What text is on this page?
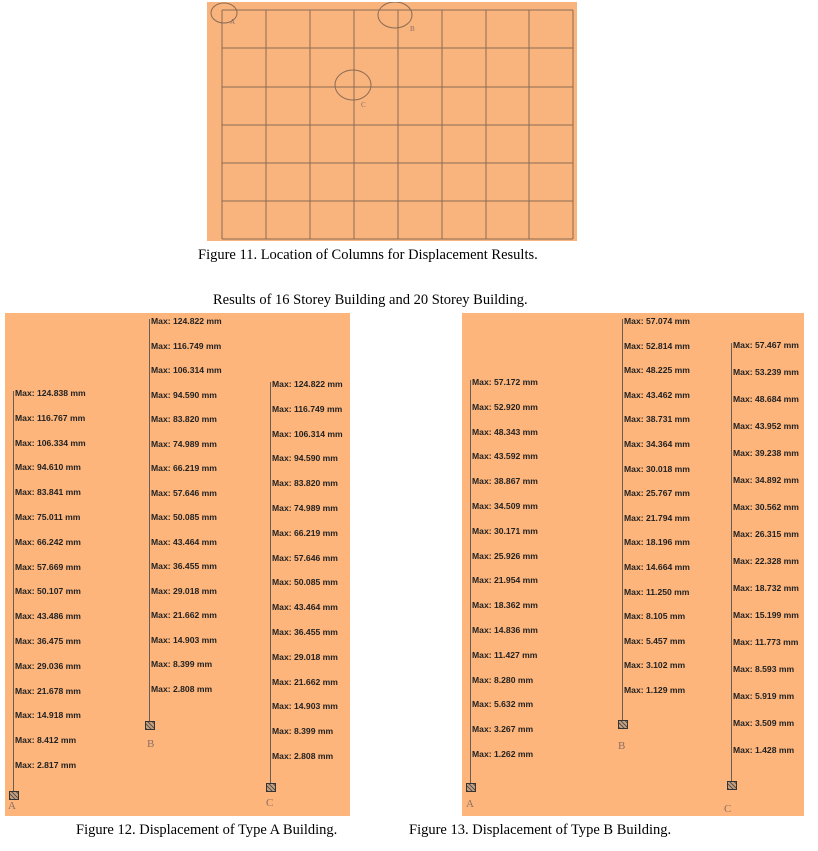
A
B
C
Figure 11. Location of Columns for Displacement Results.
Results of 16 Storey Building and 20 Storey Building.
Max: 124.838 mm
Max: 116.767 mm
Max: 106.334 mm
Max: 94.610 mm
Max: 83.841 mm
Max: 75.011 mm
Max: 66.242 mm
Max: 57.669 mm
Max: 50.107 mm
Max: 43.486 mm
Max: 36.475 mm
Max: 29.036 mm
Max: 21.678 mm
Max: 14.918 mm
Max: 8.412 mm
Max: 2.817 mm
A
Max: 124.822 mm
Max: 116.749 mm
Max: 106.314 mm
Max: 94.590 mm
Max: 83.820 mm
Max: 74.989 mm
Max: 66.219 mm
Max: 57.646 mm
Max: 50.085 mm
Max: 43.464 mm
Max: 36.455 mm
Max: 29.018 mm
Max: 21.662 mm
Max: 14.903 mm
Max: 8.399 mm
Max: 2.808 mm
B
Max: 124.822 mm
Max: 116.749 mm
Max: 106.314 mm
Max: 94.590 mm
Max: 83.820 mm
Max: 74.989 mm
Max: 66.219 mm
Max: 57.646 mm
Max: 50.085 mm
Max: 43.464 mm
Max: 36.455 mm
Max: 29.018 mm
Max: 21.662 mm
Max: 14.903 mm
Max: 8.399 mm
Max: 2.808 mm
C
Max: 57.172 mm
Max: 52.920 mm
Max: 48.343 mm
Max: 43.592 mm
Max: 38.867 mm
Max: 34.509 mm
Max: 30.171 mm
Max: 25.926 mm
Max: 21.954 mm
Max: 18.362 mm
Max: 14.836 mm
Max: 11.427 mm
Max: 8.280 mm
Max: 5.632 mm
Max: 3.267 mm
Max: 1.262 mm
A
Max: 57.074 mm
Max: 52.814 mm
Max: 48.225 mm
Max: 43.462 mm
Max: 38.731 mm
Max: 34.364 mm
Max: 30.018 mm
Max: 25.767 mm
Max: 21.794 mm
Max: 18.196 mm
Max: 14.664 mm
Max: 11.250 mm
Max: 8.105 mm
Max: 5.457 mm
Max: 3.102 mm
Max: 1.129 mm
B
Max: 57.467 mm
Max: 53.239 mm
Max: 48.684 mm
Max: 43.952 mm
Max: 39.238 mm
Max: 34.892 mm
Max: 30.562 mm
Max: 26.315 mm
Max: 22.328 mm
Max: 18.732 mm
Max: 15.199 mm
Max: 11.773 mm
Max: 8.593 mm
Max: 5.919 mm
Max: 3.509 mm
Max: 1.428 mm
C
Figure 12. Displacement of Type A Building.	Figure 13. Displacement of Type B Building.
